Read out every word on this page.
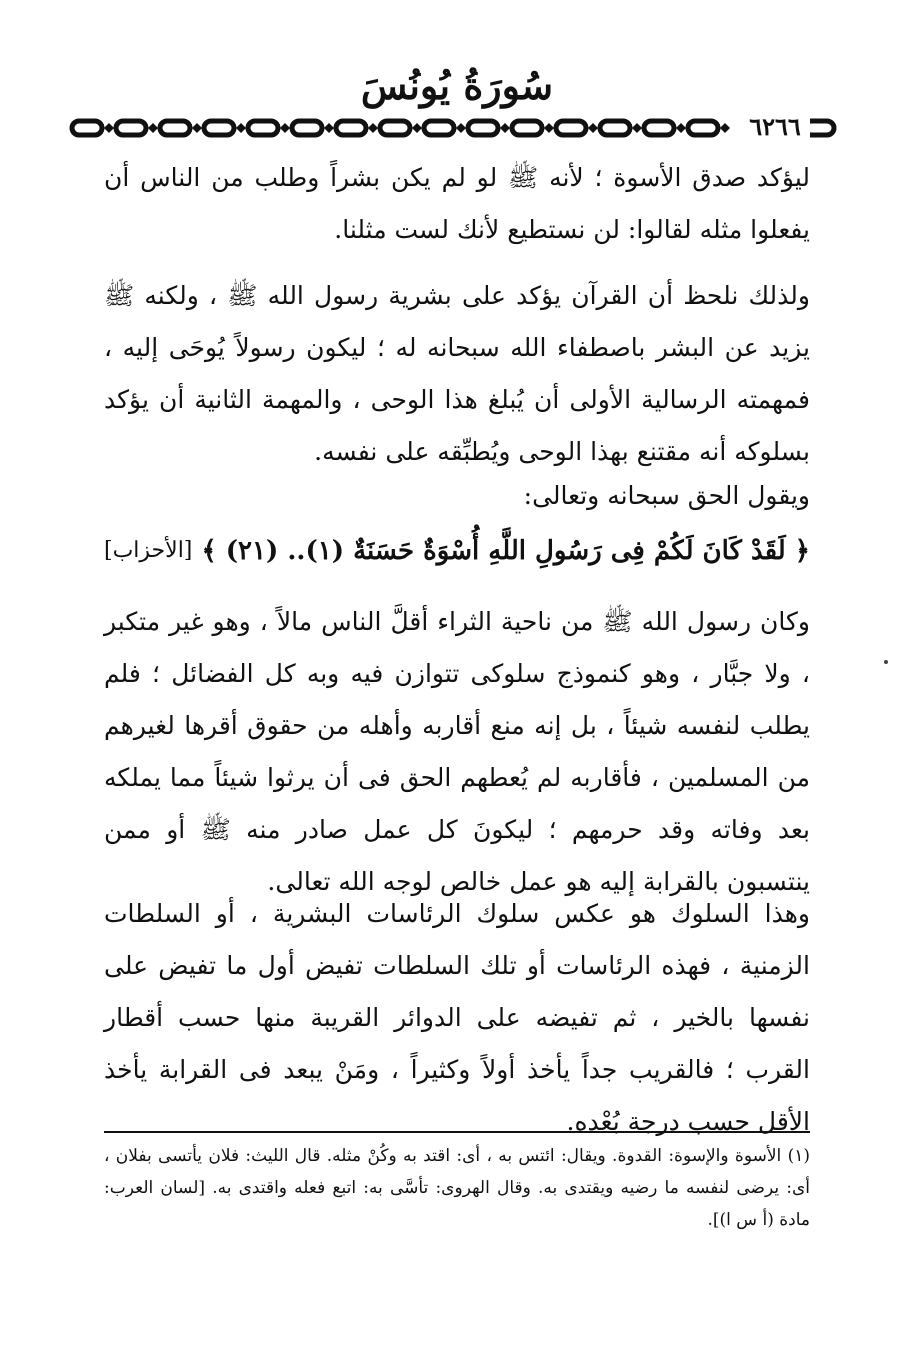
سُورَةُ يُونُسَ
٦٢٦٦

ليؤكد صدق الأسوة ؛ لأنه ﷺ لو لم يكن بشراً وطلب من الناس أن يفعلوا مثله لقالوا: لن نستطيع لأنك لست مثلنا.

ولذلك نلحظ أن القرآن يؤكد على بشرية رسول الله ﷺ ، ولكنه ﷺ يزيد عن البشر باصطفاء الله سبحانه له ؛ ليكون رسولاً يُوحَى إليه ، فمهمته الرسالية الأولى أن يُبلغ هذا الوحى ، والمهمة الثانية أن يؤكد بسلوكه أنه مقتنع بهذا الوحى ويُطبِّقه على نفسه.

ويقول الحق سبحانه وتعالى:

﴿ لَقَدْ كَانَ لَكُمْ فِى رَسُولِ اللَّهِ أُسْوَةٌ حَسَنَةٌ (١).. (٢١) ﴾
[الأحزاب]

وكان رسول الله ﷺ من ناحية الثراء أقلَّ الناس مالاً ، وهو غير متكبر ، ولا جبَّار ، وهو كنموذج سلوكى تتوازن فيه وبه كل الفضائل ؛ فلم يطلب لنفسه شيئاً ، بل إنه منع أقاربه وأهله من حقوق أقرها لغيرهم من المسلمين ، فأقاربه لم يُعطهم الحق فى أن يرثوا شيئاً مما يملكه بعد وفاته وقد حرمهم ؛ ليكونَ كل عمل صادر منه ﷺ أو ممن ينتسبون بالقرابة إليه هو عمل خالص لوجه الله تعالى.

وهذا السلوك هو عكس سلوك الرئاسات البشرية ، أو السلطات الزمنية ، فهذه الرئاسات أو تلك السلطات تفيض أول ما تفيض على نفسها بالخير ، ثم تفيضه على الدوائر القريبة منها حسب أقطار القرب ؛ فالقريب جداً يأخذ أولاً وكثيراً ، ومَنْ يبعد فى القرابة يأخذ الأقل حسب درجة بُعْده.

(١) الأسوة والإسوة: القدوة. ويقال: ائتس به ، أى: اقتد به وكُنْ مثله. قال الليث: فلان يأتسى بفلان ، أى: يرضى لنفسه ما رضيه ويقتدى به. وقال الهروى: تأسَّى به: اتبع فعله واقتدى به. [لسان العرب: مادة (أ س ا)].
